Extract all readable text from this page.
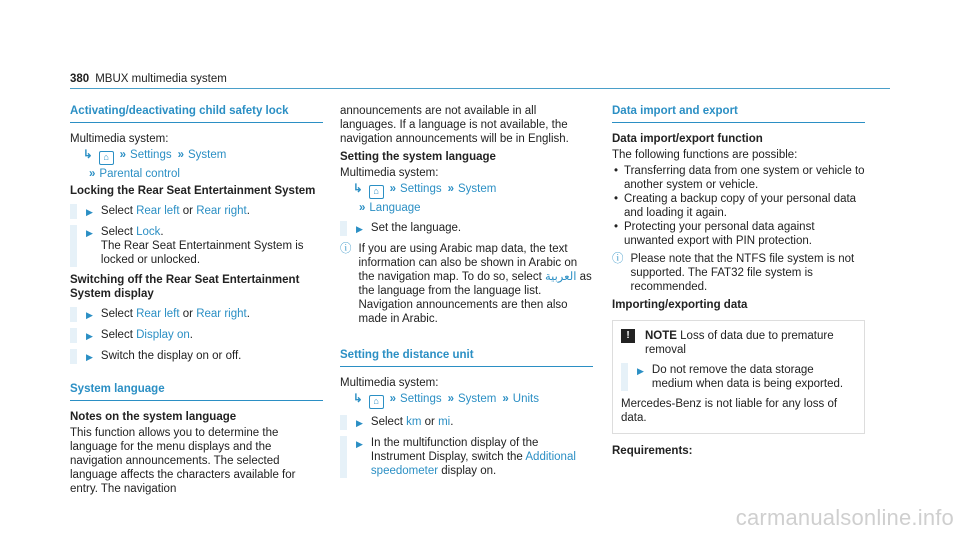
380 MBUX multimedia system
Activating/deactivating child safety lock
Multimedia system:
↳ ⌂ » Settings » System
» Parental control
Locking the Rear Seat Entertainment System
▶ Select Rear left or Rear right.
▶ Select Lock.
The Rear Seat Entertainment System is locked or unlocked.
Switching off the Rear Seat Entertainment System display
▶ Select Rear left or Rear right.
▶ Select Display on.
▶ Switch the display on or off.
System language
Notes on the system language
This function allows you to determine the language for the menu displays and the navigation announcements. The selected language affects the characters available for entry. The navigation
announcements are not available in all languages. If a language is not available, the navigation announcements will be in English.
Setting the system language
Multimedia system:
↳ ⌂ » Settings » System
» Language
▶ Set the language.
ⓘ If you are using Arabic map data, the text information can also be shown in Arabic on the navigation map. To do so, select العربية as the language from the language list. Navigation announcements are then also made in Arabic.
Setting the distance unit
Multimedia system:
↳ ⌂ » Settings » System » Units
▶ Select km or mi.
▶ In the multifunction display of the Instrument Display, switch the Additional speedometer display on.
Data import and export
Data import/export function
The following functions are possible:
• Transferring data from one system or vehicle to another system or vehicle.
• Creating a backup copy of your personal data and loading it again.
• Protecting your personal data against unwanted export with PIN protection.
ⓘ Please note that the NTFS file system is not supported. The FAT32 file system is recommended.
Importing/exporting data
!	NOTE Loss of data due to premature removal
▶ Do not remove the data storage medium when data is being exported.
Mercedes-Benz is not liable for any loss of data.
Requirements:
carmanualsonline.info
